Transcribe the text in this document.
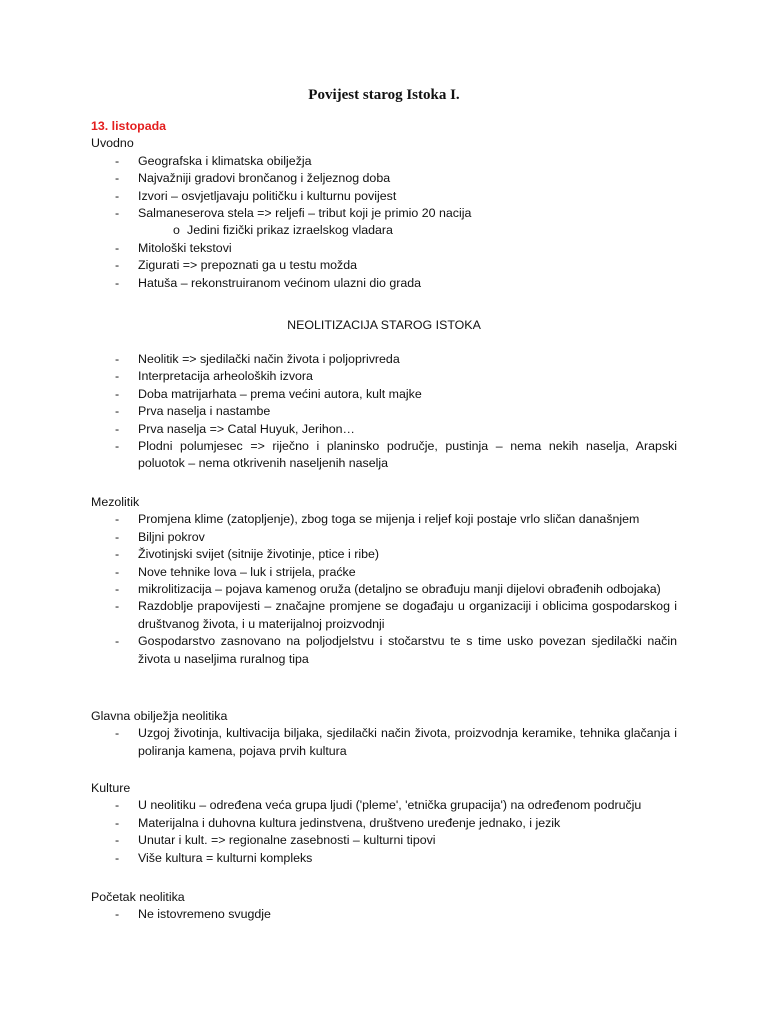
Povijest starog Istoka I.
13. listopada
Uvodno
- Geografska i klimatska obilježja
- Najvažniji gradovi brončanog i željeznog doba
- Izvori – osvjetljavaju političku i kulturnu povijest
- Salmaneserova stela => reljefi – tribut koji je primio 20 nacija
o Jedini fizički prikaz izraelskog vladara
- Mitološki tekstovi
- Zigurati => prepoznati ga u testu možda
- Hatuša – rekonstruiranom većinom ulazni dio grada
NEOLITIZACIJA STAROG ISTOKA
- Neolitik => sjedilački način života i poljoprivreda
- Interpretacija arheoloških izvora
- Doba matrijarhata – prema većini autora, kult majke
- Prva naselja i nastambe
- Prva naselja => Catal Huyuk, Jerihon…
- Plodni polumjesec => riječno i planinsko područje, pustinja – nema nekih naselja, Arapski poluotok – nema otkrivenih naseljenih naselja
Mezolitik
- Promjena klime (zatopljenje), zbog toga se mijenja i reljef koji postaje vrlo sličan današnjem
- Biljni pokrov
- Životinjski svijet (sitnije životinje, ptice i ribe)
- Nove tehnike lova – luk i strijela, praćke
- mikrolitizacija – pojava kamenog oruža (detaljno se obrađuju manji dijelovi obrađenih odbojaka)
- Razdoblje prapovijesti – značajne promjene se događaju u organizaciji i oblicima gospodarskog i društvanog života, i u materijalnoj proizvodnji
- Gospodarstvo zasnovano na poljodjelstvu i stočarstvu te s time usko povezan sjedilački način života u naseljima ruralnog tipa
Glavna obilježja neolitika
- Uzgoj životinja, kultivacija biljaka, sjedilački način života, proizvodnja keramike, tehnika glačanja i poliranja kamena, pojava prvih kultura
Kulture
- U neolitiku – određena veća grupa ljudi ('pleme', 'etnička grupacija') na određenom području
- Materijalna i duhovna kultura jedinstvena, društveno uređenje jednako, i jezik
- Unutar i kult. => regionalne zasebnosti – kulturni tipovi
- Više kultura = kulturni kompleks
Početak neolitika
- Ne istovremeno svugdje
